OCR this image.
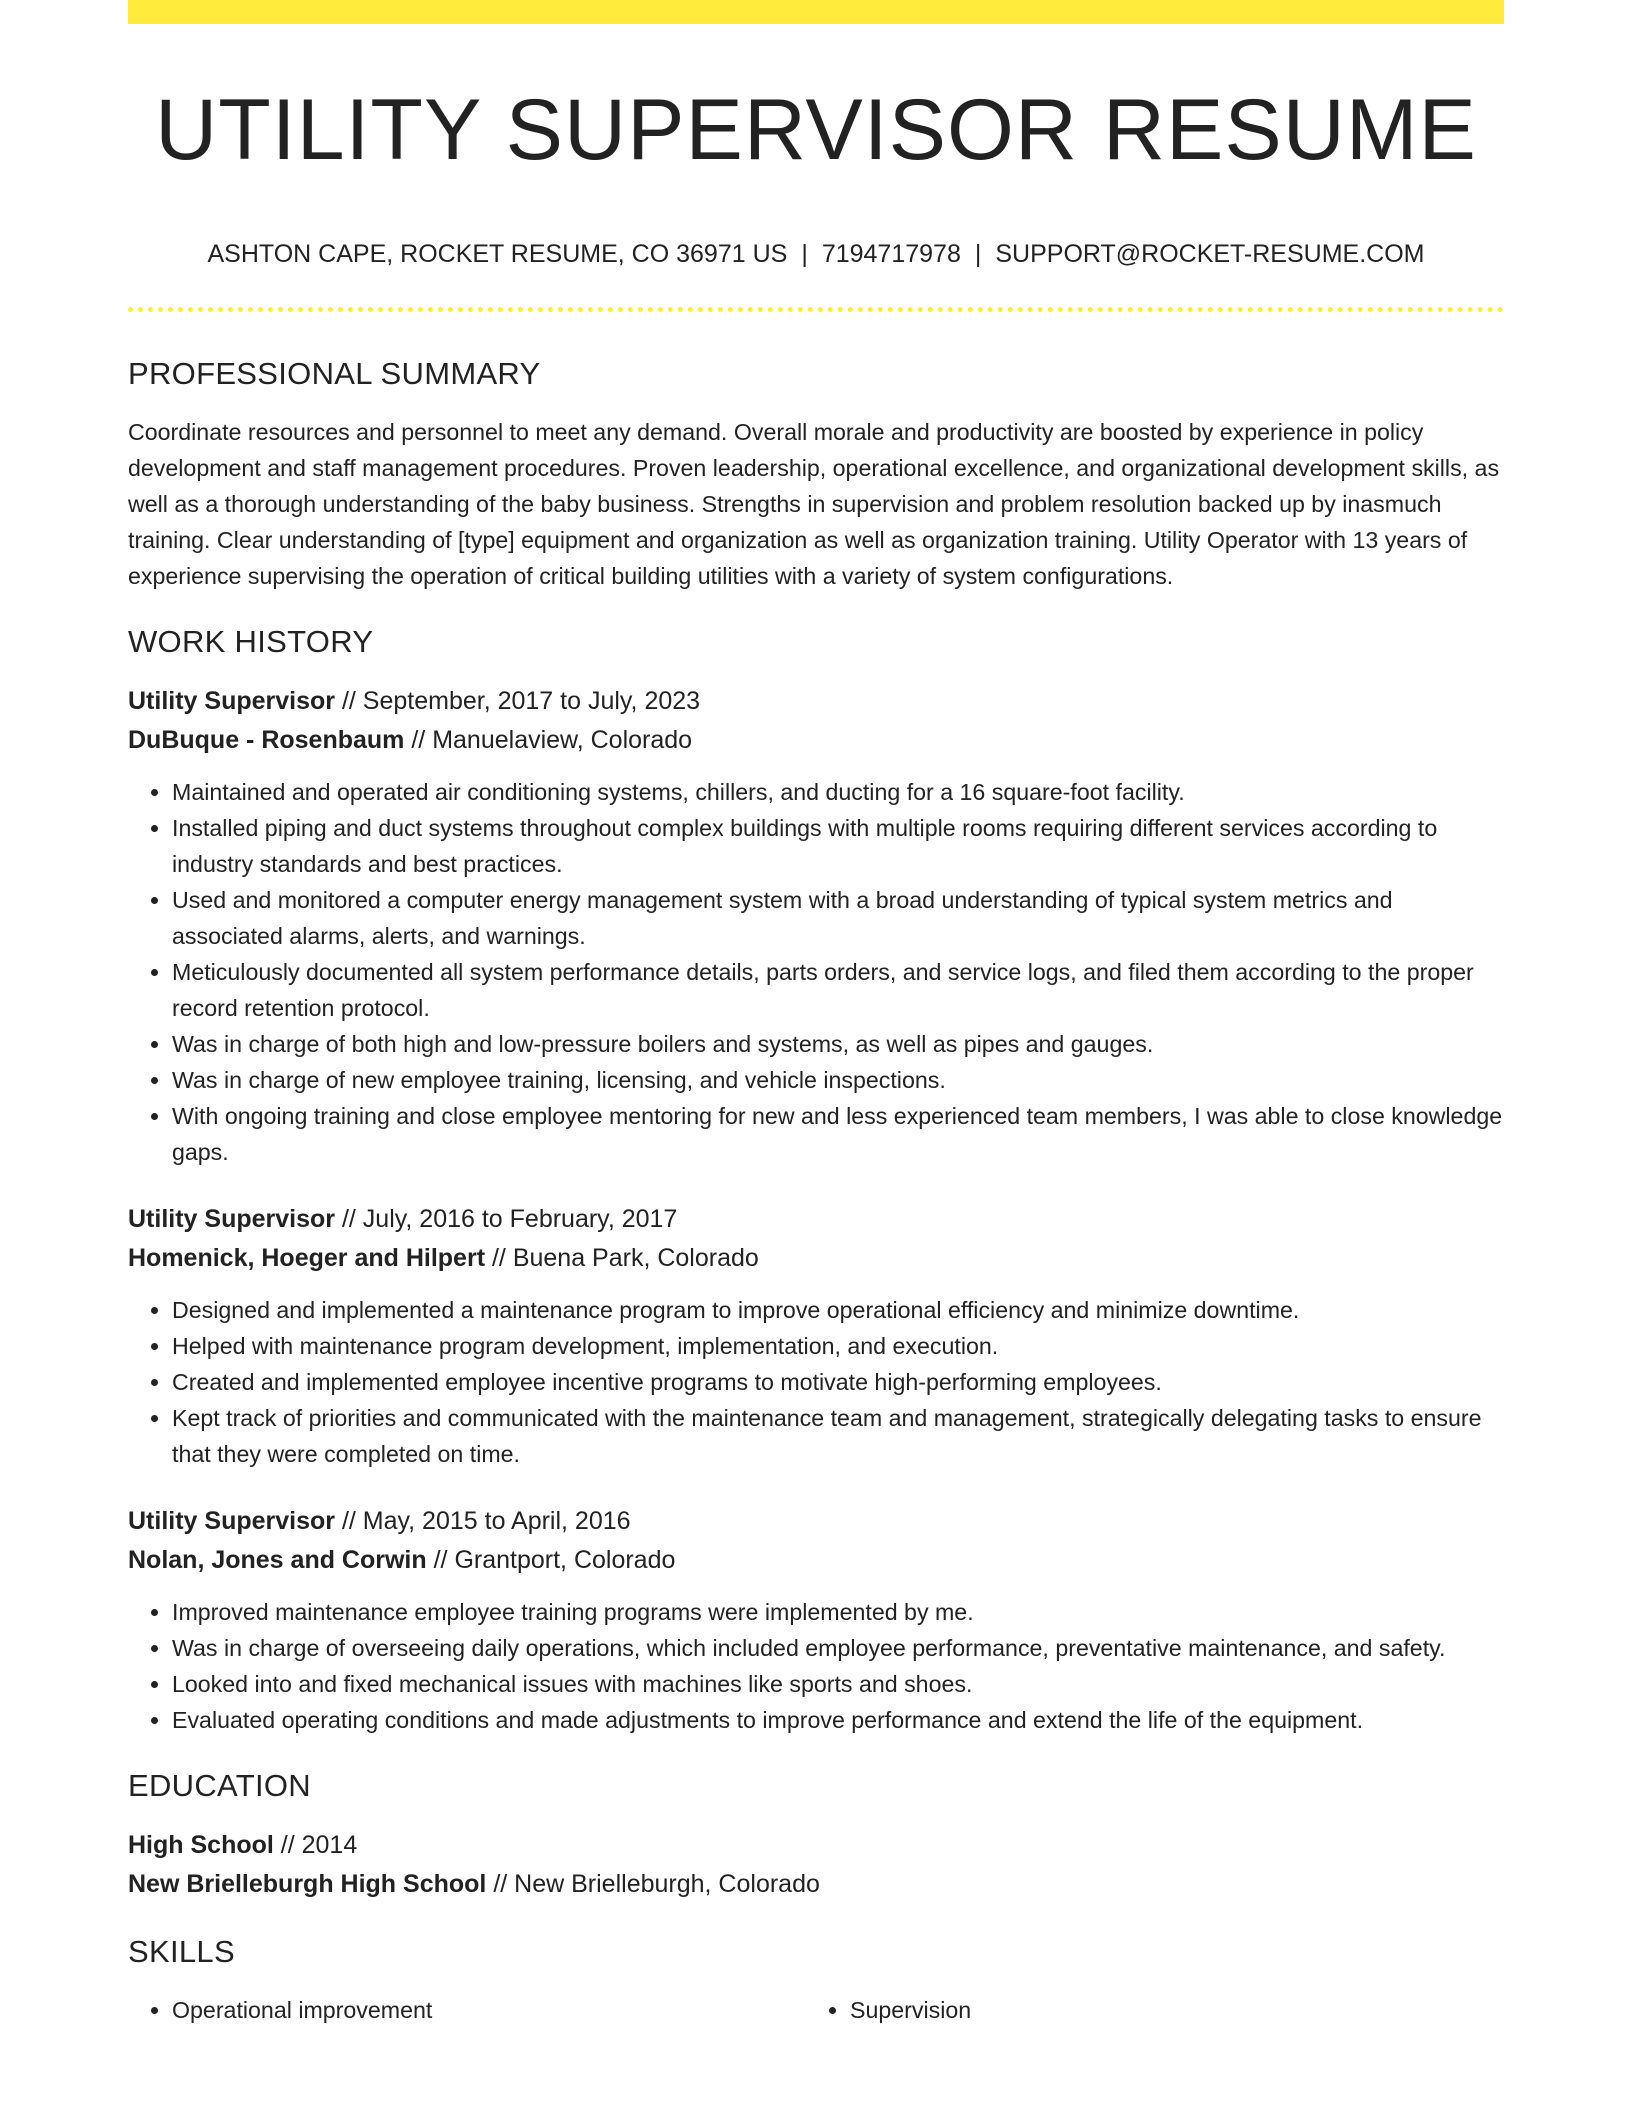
UTILITY SUPERVISOR RESUME
ASHTON CAPE, ROCKET RESUME, CO 36971 US | 7194717978 | SUPPORT@ROCKET-RESUME.COM
PROFESSIONAL SUMMARY

Coordinate resources and personnel to meet any demand. Overall morale and productivity are boosted by experience in policy development and staff management procedures. Proven leadership, operational excellence, and organizational development skills, as well as a thorough understanding of the baby business. Strengths in supervision and problem resolution backed up by inasmuch training. Clear understanding of [type] equipment and organization as well as organization training. Utility Operator with 13 years of experience supervising the operation of critical building utilities with a variety of system configurations.

WORK HISTORY
Utility Supervisor // September, 2017 to July, 2023
DuBuque - Rosenbaum // Manuelaview, Colorado
• Maintained and operated air conditioning systems, chillers, and ducting for a 16 square-foot facility.
• Installed piping and duct systems throughout complex buildings with multiple rooms requiring different services according to industry standards and best practices.
• Used and monitored a computer energy management system with a broad understanding of typical system metrics and associated alarms, alerts, and warnings.
• Meticulously documented all system performance details, parts orders, and service logs, and filed them according to the proper record retention protocol.
• Was in charge of both high and low-pressure boilers and systems, as well as pipes and gauges.
• Was in charge of new employee training, licensing, and vehicle inspections.
• With ongoing training and close employee mentoring for new and less experienced team members, I was able to close knowledge gaps.
Utility Supervisor // July, 2016 to February, 2017
Homenick, Hoeger and Hilpert // Buena Park, Colorado
• Designed and implemented a maintenance program to improve operational efficiency and minimize downtime.
• Helped with maintenance program development, implementation, and execution.
• Created and implemented employee incentive programs to motivate high-performing employees.
• Kept track of priorities and communicated with the maintenance team and management, strategically delegating tasks to ensure that they were completed on time.
Utility Supervisor // May, 2015 to April, 2016
Nolan, Jones and Corwin // Grantport, Colorado
• Improved maintenance employee training programs were implemented by me.
• Was in charge of overseeing daily operations, which included employee performance, preventative maintenance, and safety.
• Looked into and fixed mechanical issues with machines like sports and shoes.
• Evaluated operating conditions and made adjustments to improve performance and extend the life of the equipment.
EDUCATION
High School // 2014
New Brielleburgh High School // New Brielleburgh, Colorado
SKILLS
• Operational improvement
•	Supervision
